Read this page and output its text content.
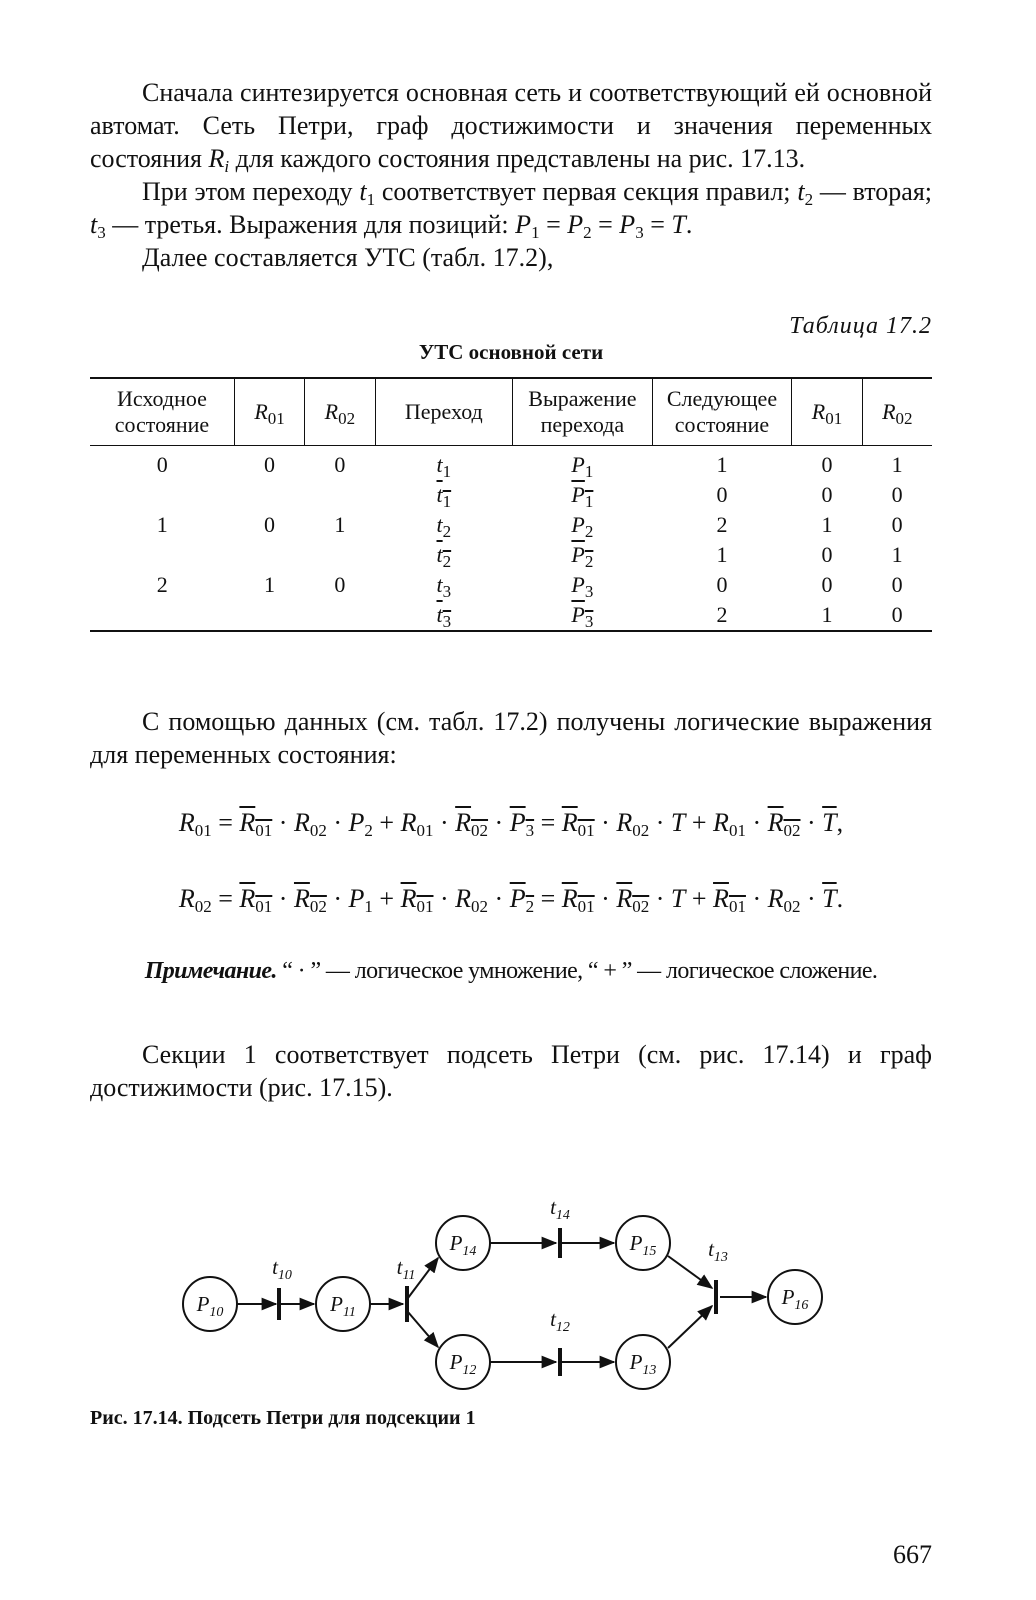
Сначала синтезируется основная сеть и соответствующий ей основной автомат. Сеть Петри, граф достижимости и значения переменных состояния $R_i$ для каждого состояния представлены на рис. 17.13.

При этом переходу $t_1$ соответствует первая секция правил; $t_2$ — вторая; $t_3$ — третья. Выражения для позиций: $P_1 = P_2 = P_3 = T$.

Далее составляется УТС (табл. 17.2),

Таблица 17.2
УТС основной сети
Исходное состояние	$R_{01}$	$R_{02}$	Переход	Выражение перехода	Следующее состояние	$R_{01}$	$R_{02}$
0	0	0	$t_1$	$P_1$	1	0	1
			$t_1$	$P_1$	0	0	0
1	0	1	$t_2$	$P_2$	2	1	0
			$t_2$	$P_2$	1	0	1
2	1	0	$t_3$	$P_3$	0	0	0
			$t_3$	$P_3$	2	1	0

С помощью данных (см. табл. 17.2) получены логические выражения для переменных состояния:

$R_{01} = R_{01} \cdot R_{02} \cdot P_2 + R_{01} \cdot R_{02} \cdot P_3 = R_{01} \cdot R_{02} \cdot T + R_{01} \cdot R_{02} \cdot \overline{T}$,
$R_{02} = R_{01} \cdot R_{02} \cdot P_1 + R_{01} \cdot R_{02} \cdot P_2 = R_{01} \cdot R_{02} \cdot T + R_{01} \cdot R_{02} \cdot \overline{T}$.
Примечание. “ · ” — логическое умножение, “ + ” — логическое сложение.

Секции 1 соответствует подсеть Петри (см. рис. 17.14) и граф достижимости (рис. 17.15).

$P_{10}$	$P_{11}$
$P_{12}$	$P_{13}$
$P_{14}$	$P_{15}$
$P_{16}$
$t_{10}$	$t_{11}$
$t_{12}$
$t_{13}$
$t_{14}$
Рис. 17.14. Подсеть Петри для подсекции 1
667
